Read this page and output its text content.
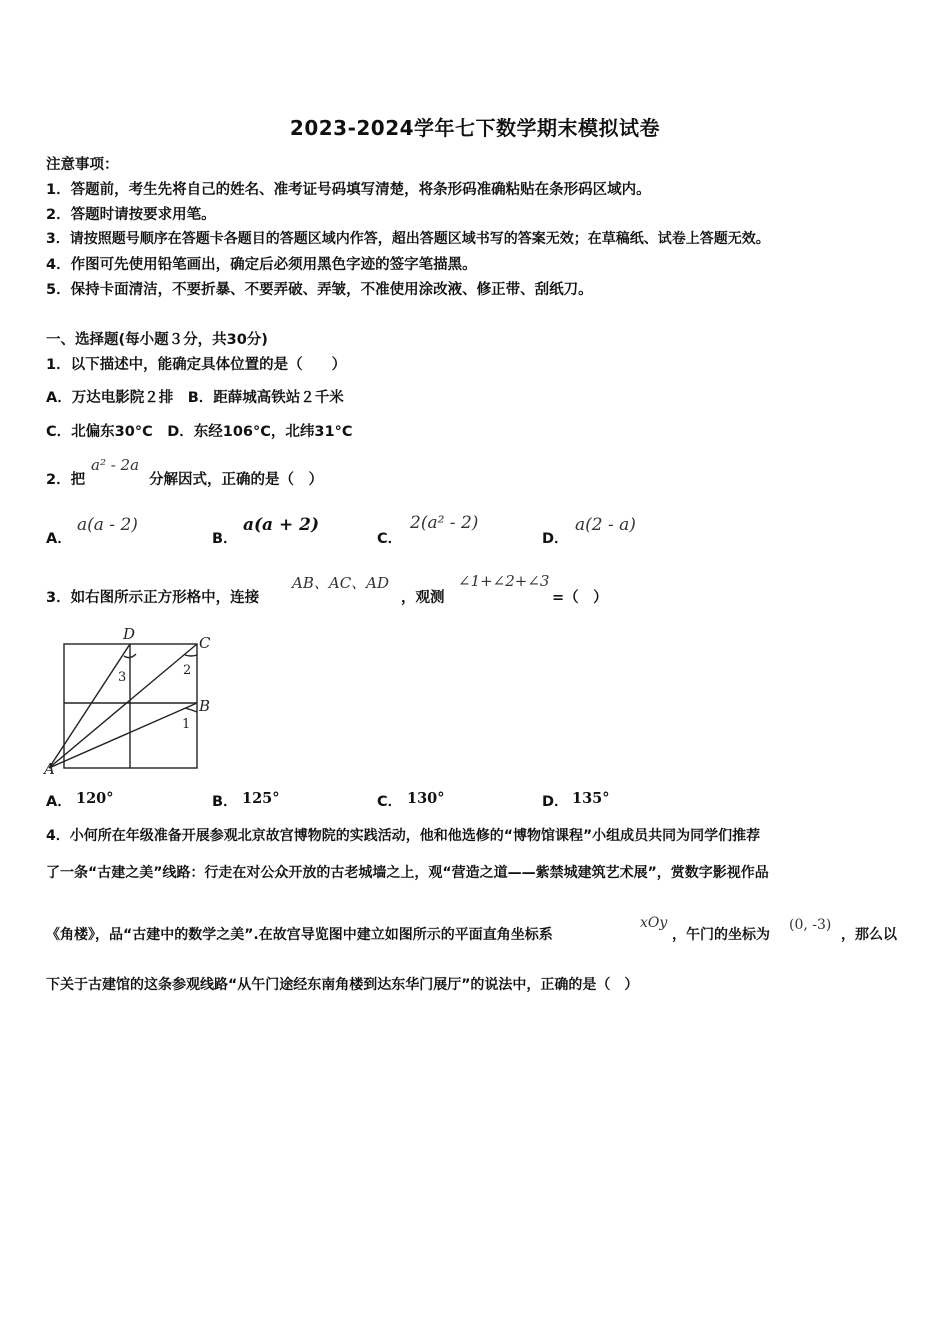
2023-2024学年七下数学期末模拟试卷
注意事项：
1．答题前，考生先将自己的姓名、准考证号码填写清楚，将条形码准确粘贴在条形码区域内。
2．答题时请按要求用笔。
3．请按照题号顺序在答题卡各题目的答题区域内作答，超出答题区域书写的答案无效；在草稿纸、试卷上答题无效。
4．作图可先使用铅笔画出，确定后必须用黑色字迹的签字笔描黑。
5．保持卡面清洁，不要折暴、不要弄破、弄皱，不准使用涂改液、修正带、刮纸刀。
一、选择题(每小题３分，共30分)
1．以下描述中，能确定具体位置的是（　　）
A．万达电影院２排　B．距薛城高铁站２千米
C．北偏东30°C　D．东经106°C，北纬31°C
2．把
a² - 2a
分解因式，正确的是（　）
A．
a(a - 2)
B．
a(a + 2)
C．
2(a² - 2)
D．
a(2 - a)
3．如右图所示正方形格中，连接
AB、AC、AD
，观测
∠1+∠2+∠3
=（　）
A
B
C
D
1
2
3
A． 120°	B． 125°	C． 130°	D． 135°
4．小何所在年级准备开展参观北京故宫博物院的实践活动，他和他选修的“博物馆课程”小组成员共同为同学们推荐
了一条“古建之美”线路：行走在对公众开放的古老城墙之上，观“营造之道——紫禁城建筑艺术展”，赏数字影视作品
《角楼》，品“古建中的数学之美”.在故宫导览图中建立如图所示的平面直角坐标系
xOy
，午门的坐标为
(0, -3)
，那么以
下关于古建馆的这条参观线路“从午门途经东南角楼到达东华门展厅”的说法中，正确的是（　）
